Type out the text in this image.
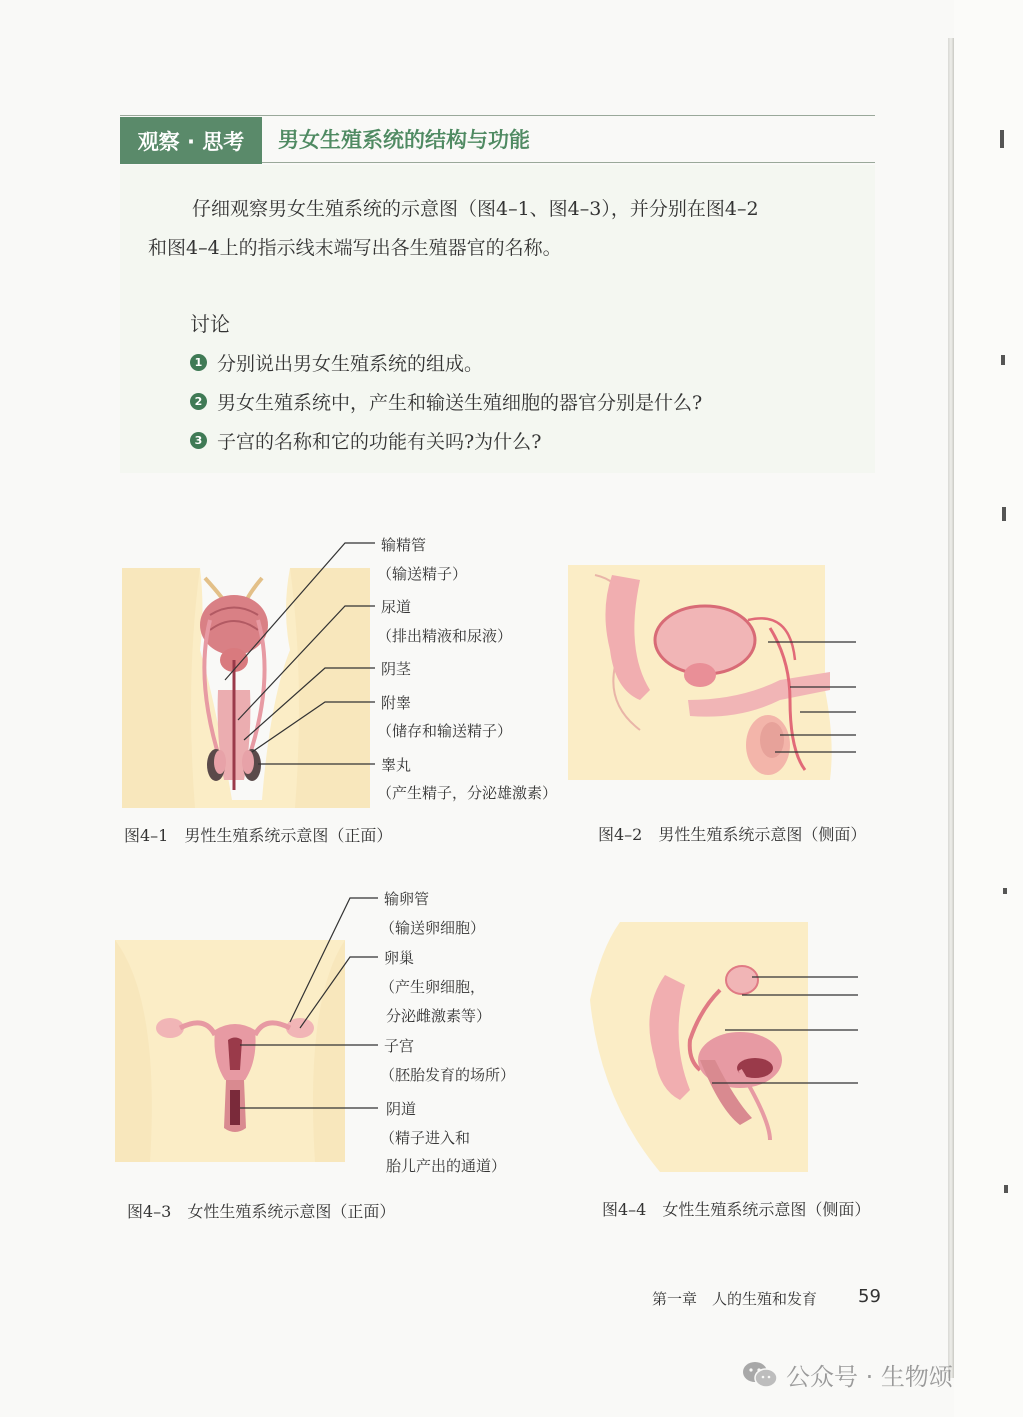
观察 · 思考	男女生殖系统的结构与功能
仔细观察男女生殖系统的示意图（图4–1、图4–3），并分别在图4–2
和图4–4上的指示线末端写出各生殖器官的名称。
讨论
1 分别说出男女生殖系统的组成。
2 男女生殖系统中，产生和输送生殖细胞的器官分别是什么?
3 子宫的名称和它的功能有关吗?为什么?
输精管
（输送精子）
尿道
（排出精液和尿液）
阴茎
附睾
（储存和输送精子）
睾丸
（产生精子，分泌雄激素）
图4–1　男性生殖系统示意图（正面）	图4–2　男性生殖系统示意图（侧面）
输卵管
（输送卵细胞）
卵巢
（产生卵细胞，
分泌雌激素等）
子宫
（胚胎发育的场所）
阴道
（精子进入和
胎儿产出的通道）
图4–3　女性生殖系统示意图（正面）	图4–4　女性生殖系统示意图（侧面）
第一章　人的生殖和发育 59
公众号 · 生物颂
